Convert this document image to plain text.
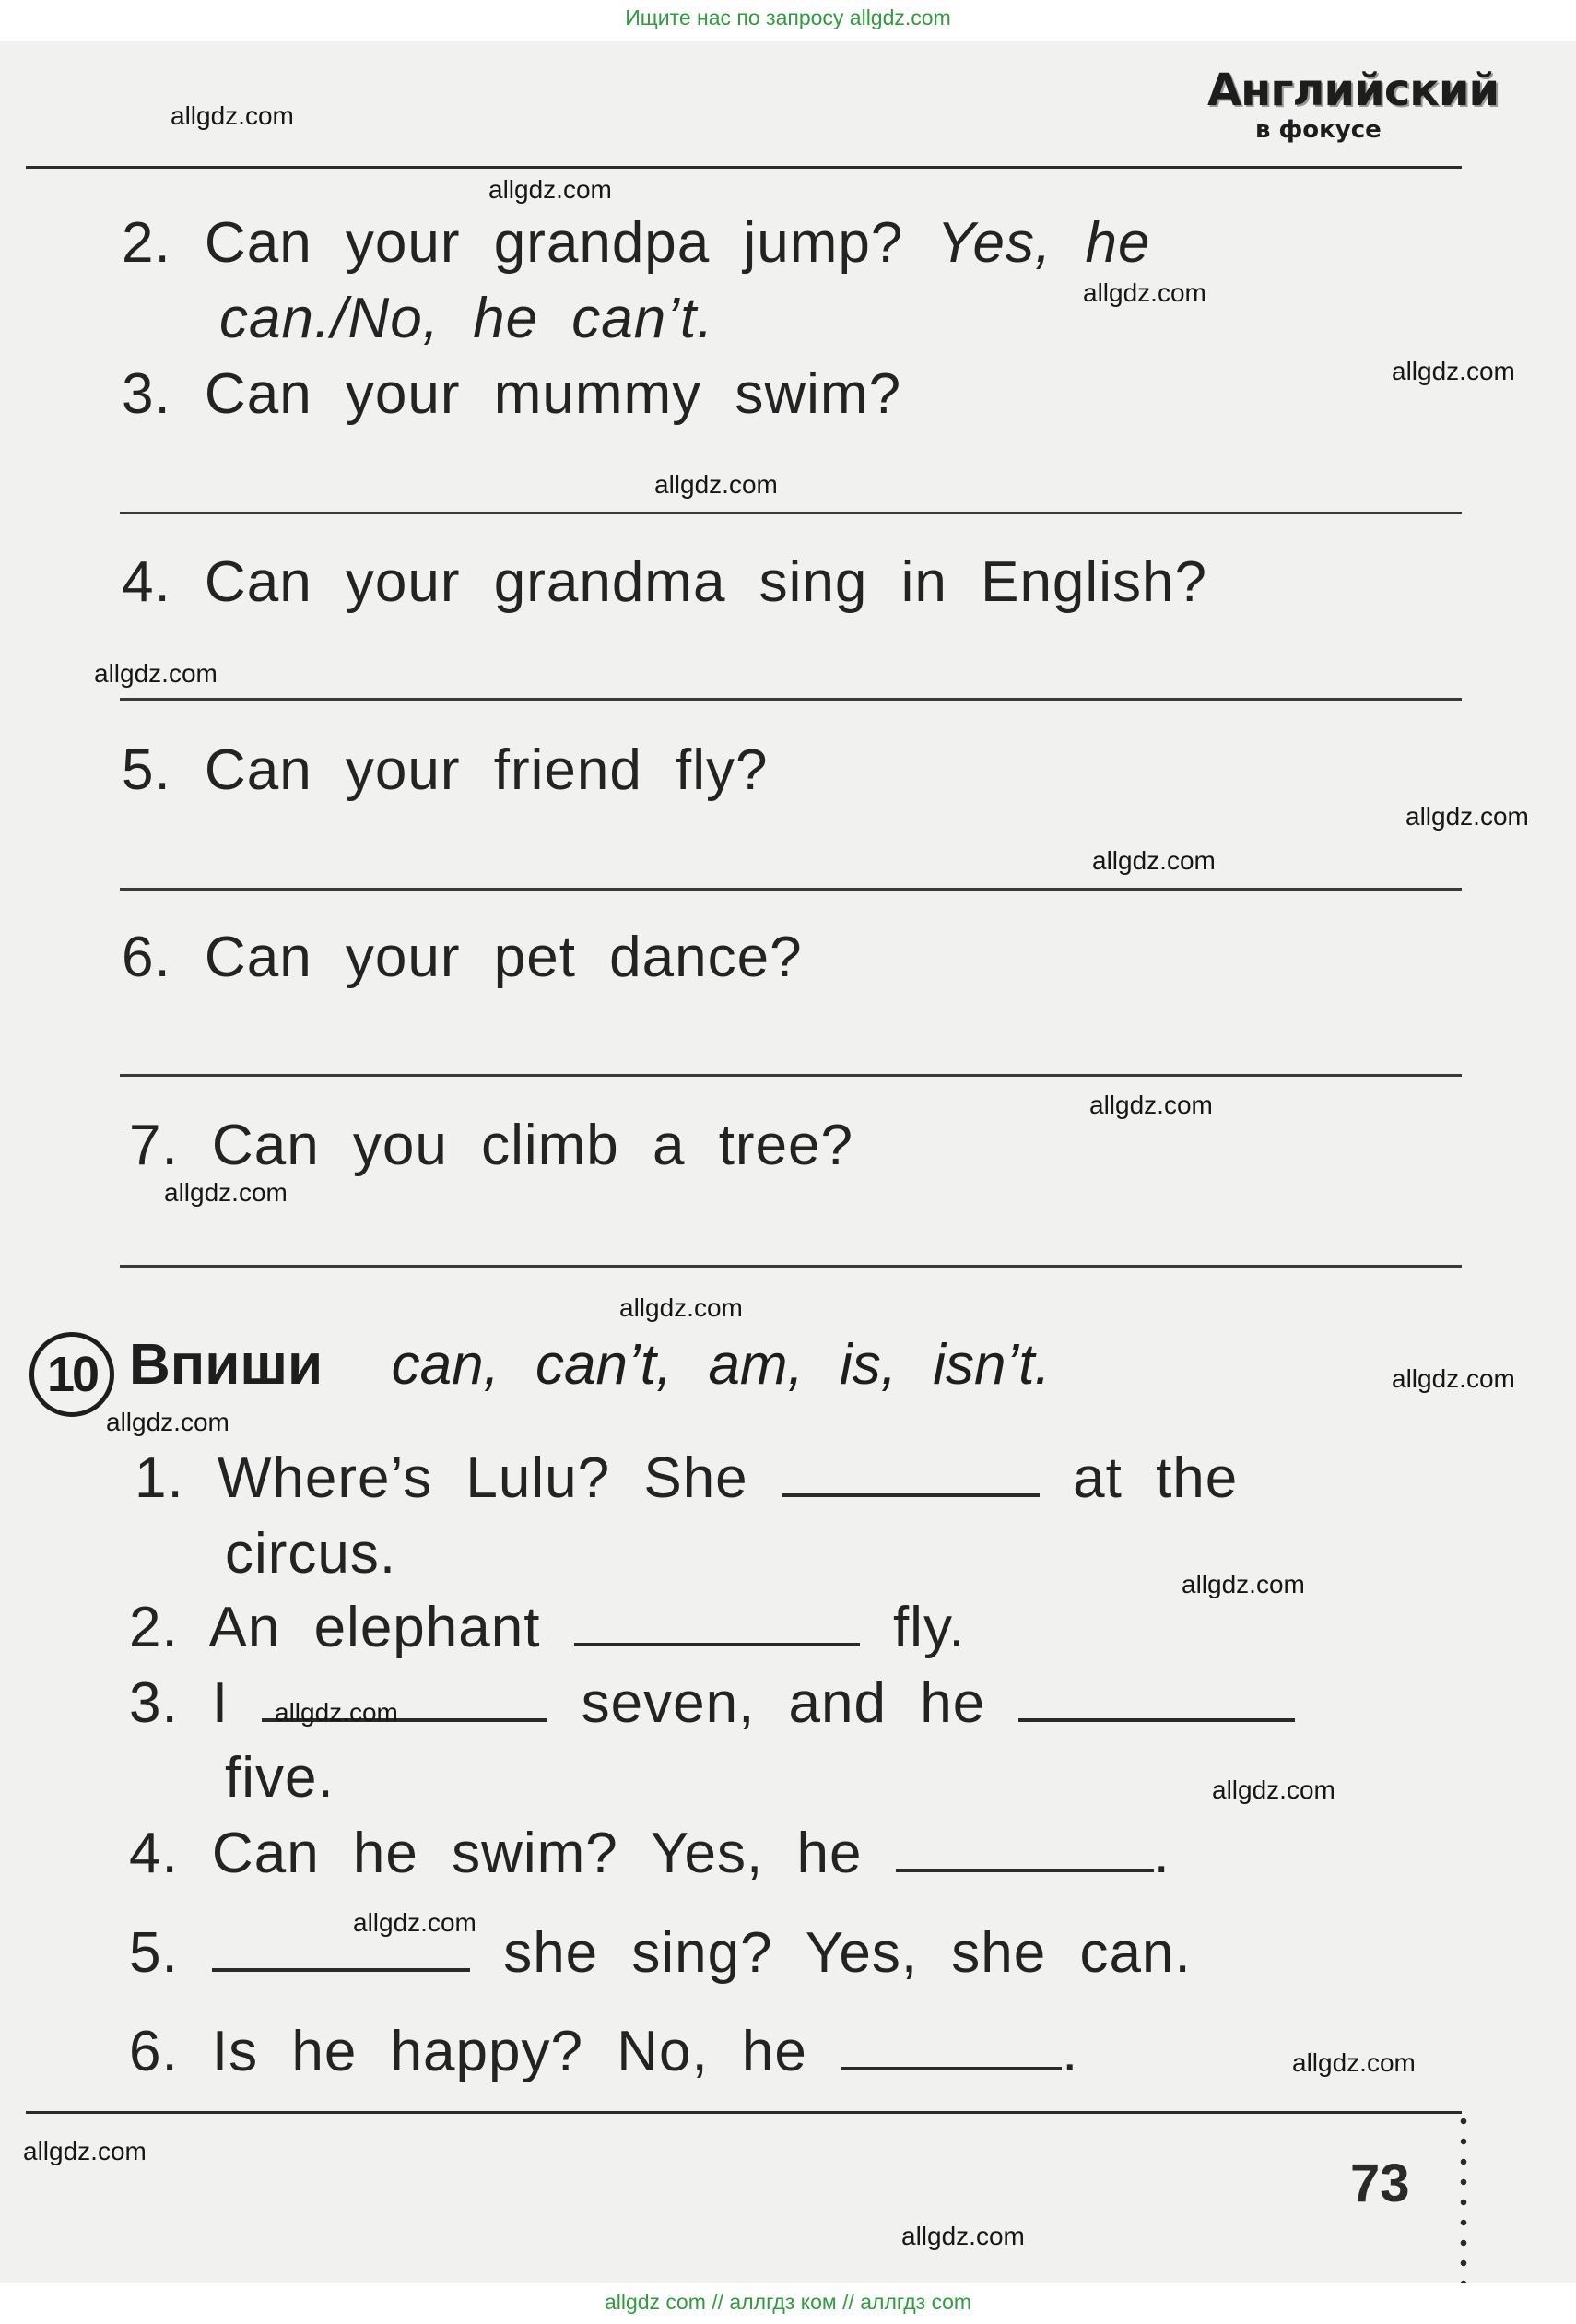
Ищите нас по запросу allgdz.com
Английский
в фокусе
2. Can your grandpa jump? Yes, he
can./No, he can’t.
3. Can your mummy swim?
4. Can your grandma sing in English?
5. Can your friend fly?
6. Can your pet dance?
7. Can you climb a tree?
10 Впиши can, can’t, am, is, isn’t.
1. Where’s Lulu? She	at the
circus.
2. An elephant	fly.
3. I	seven, and he
five.
4. Can he swim? Yes, he	.
5.	she sing? Yes, she can.
6. Is he happy? No, he	.
73
allgdz.com
allgdz.com
allgdz.com
allgdz.com
allgdz.com
allgdz.com
allgdz.com
allgdz.com
allgdz.com
allgdz.com
allgdz.com
allgdz.com
allgdz.com
allgdz.com
allgdz.com
allgdz.com
allgdz.com
allgdz.com
allgdz.com
allgdz.com
allgdz com // аллгдз ком // аллгдз com
